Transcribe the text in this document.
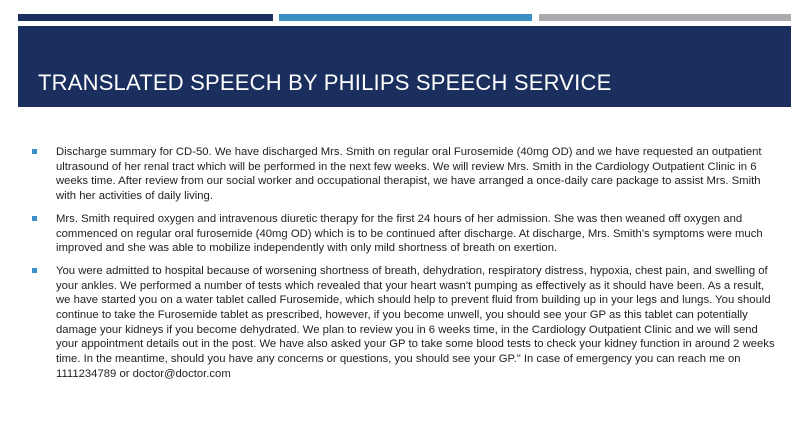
TRANSLATED SPEECH BY PHILIPS SPEECH SERVICE
Discharge summary for CD-50. We have discharged Mrs. Smith on regular oral Furosemide (40mg OD) and we have requested an outpatient ultrasound of her renal tract which will be performed in the next few weeks. We will review Mrs. Smith in the Cardiology Outpatient Clinic in 6 weeks time. After review from our social worker and occupational therapist, we have arranged a once-daily care package to assist Mrs. Smith with her activities of daily living.
Mrs. Smith required oxygen and intravenous diuretic therapy for the first 24 hours of her admission. She was then weaned off oxygen and commenced on regular oral furosemide (40mg OD) which is to be continued after discharge. At discharge, Mrs. Smith's symptoms were much improved and she was able to mobilize independently with only mild shortness of breath on exertion.
You were admitted to hospital because of worsening shortness of breath, dehydration, respiratory distress, hypoxia, chest pain, and swelling of your ankles. We performed a number of tests which revealed that your heart wasn't pumping as effectively as it should have been. As a result, we have started you on a water tablet called Furosemide, which should help to prevent fluid from building up in your legs and lungs. You should continue to take the Furosemide tablet as prescribed, however, if you become unwell, you should see your GP as this tablet can potentially damage your kidneys if you become dehydrated. We plan to review you in 6 weeks time, in the Cardiology Outpatient Clinic and we will send your appointment details out in the post. We have also asked your GP to take some blood tests to check your kidney function in around 2 weeks time. In the meantime, should you have any concerns or questions, you should see your GP." In case of emergency you can reach me on 1111234789 or doctor@doctor.com
